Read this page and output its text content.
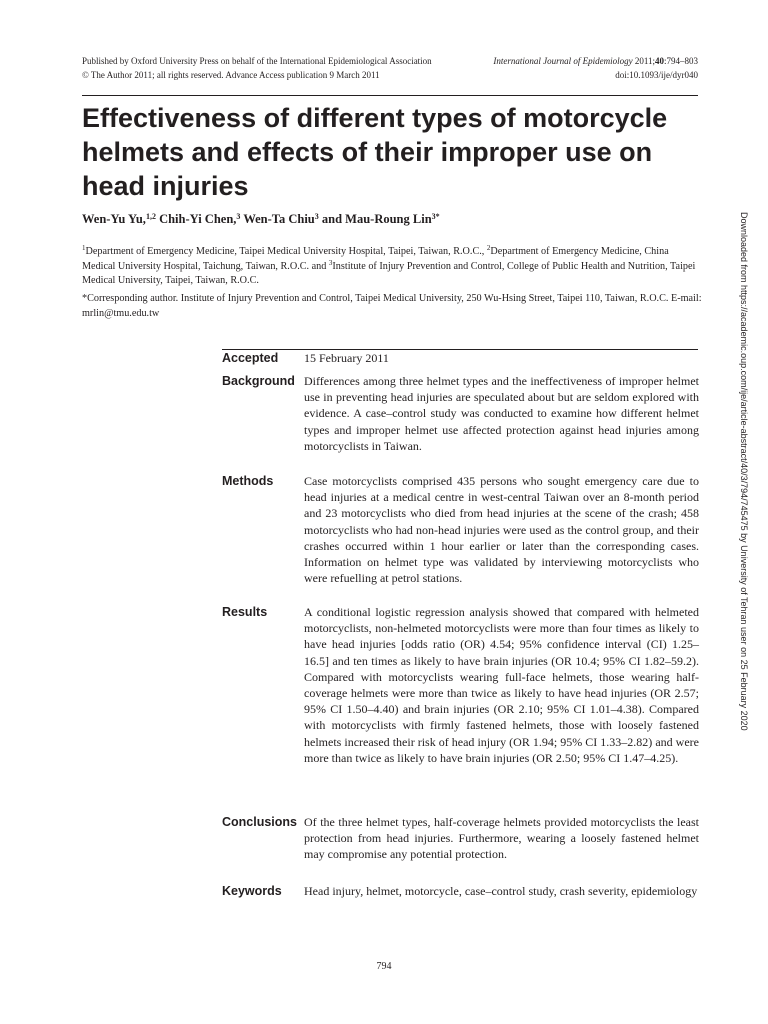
Published by Oxford University Press on behalf of the International Epidemiological Association
© The Author 2011; all rights reserved. Advance Access publication 9 March 2011
International Journal of Epidemiology 2011;40:794–803
doi:10.1093/ije/dyr040
Effectiveness of different types of motorcycle helmets and effects of their improper use on head injuries
Wen-Yu Yu,$^{1,2}$ Chih-Yi Chen,$^3$ Wen-Ta Chiu$^3$ and Mau-Roung Lin$^{3*}$

$^1$Department of Emergency Medicine, Taipei Medical University Hospital, Taipei, Taiwan, R.O.C., $^2$Department of Emergency Medicine, China Medical University Hospital, Taichung, Taiwan, R.O.C. and $^3$Institute of Injury Prevention and Control, College of Public Health and Nutrition, Taipei Medical University, Taipei, Taiwan, R.O.C.

*Corresponding author. Institute of Injury Prevention and Control, Taipei Medical University, 250 Wu-Hsing Street, Taipei 110, Taiwan, R.O.C. E-mail: mrlin@tmu.edu.tw

Accepted 15 February 2011

Background Differences among three helmet types and the ineffectiveness of improper helmet use in preventing head injuries are speculated about but are seldom explored with evidence. A case–control study was conducted to examine how different helmet types and improper helmet use affected protection against head injuries among motorcyclists in Taiwan.

Methods	Case motorcyclists comprised 435 persons who sought emergency care due to head injuries at a medical centre in west-central Taiwan over an 8-month period and 23 motorcyclists who died from head injuries at the scene of the crash; 458 motorcyclists who had non-head injuries were used as the control group, and their crashes occurred within 1 hour earlier or later than the corresponding cases. Information on helmet type was validated by interviewing motorcyclists who were refuelling at petrol stations.

Results	A conditional logistic regression analysis showed that compared with helmeted motorcyclists, non-helmeted motorcyclists were more than four times as likely to have head injuries [odds ratio (OR) 4.54; 95% confidence interval (CI) 1.25–16.5] and ten times as likely to have brain injuries (OR 10.4; 95% CI 1.82–59.2). Compared with motorcyclists wearing full-face helmets, those wearing half-coverage helmets were more than twice as likely to have head injuries (OR 2.57; 95% CI 1.50–4.40) and brain injuries (OR 2.10; 95% CI 1.01–4.38). Compared with motorcyclists with firmly fastened helmets, those with loosely fastened helmets increased their risk of head injury (OR 1.94; 95% CI 1.33–2.82) and were more than twice as likely to have brain injuries (OR 2.50; 95% CI 1.47–4.25).

Conclusions Of the three helmet types, half-coverage helmets provided motorcyclists the least protection from head injuries. Furthermore, wearing a loosely fastened helmet may compromise any potential protection.

Keywords Head injury, helmet, motorcycle, case–control study, crash severity, epidemiology

Downloaded from https://academic.oup.com/ije/article-abstract/40/3/794/745475 by University of Tehran user on 25 February 2020
794
